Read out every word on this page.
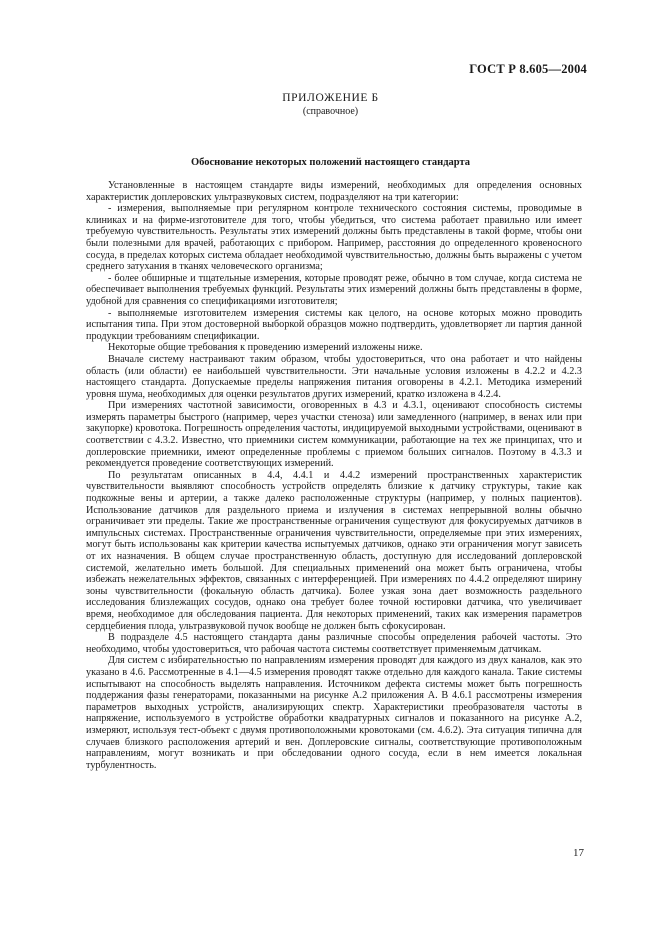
ГОСТ Р 8.605—2004
ПРИЛОЖЕНИЕ Б
(справочное)
Обоснование некоторых положений настоящего стандарта

Установленные в настоящем стандарте виды измерений, необходимых для определения основных характеристик доплеровских ультразвуковых систем, подразделяют на три категории:

- измерения, выполняемые при регулярном контроле технического состояния системы, проводимые в клиниках и на фирме-изготовителе для того, чтобы убедиться, что система работает правильно или имеет требуемую чувствительность. Результаты этих измерений должны быть представлены в такой форме, чтобы они были полезными для врачей, работающих с прибором. Например, расстояния до определенного кровеносного сосуда, в пределах которых система обладает необходимой чувствительностью, должны быть выражены с учетом среднего затухания в тканях человеческого организма;

- более обширные и тщательные измерения, которые проводят реже, обычно в том случае, когда система не обеспечивает выполнения требуемых функций. Результаты этих измерений должны быть представлены в форме, удобной для сравнения со спецификациями изготовителя;

- выполняемые изготовителем измерения системы как целого, на основе которых можно проводить испытания типа. При этом достоверной выборкой образцов можно подтвердить, удовлетворяет ли партия данной продукции требованиям спецификации.

Некоторые общие требования к проведению измерений изложены ниже.

Вначале систему настраивают таким образом, чтобы удостовериться, что она работает и что найдены область (или области) ее наибольшей чувствительности. Эти начальные условия изложены в 4.2.2 и 4.2.3 настоящего стандарта. Допускаемые пределы напряжения питания оговорены в 4.2.1. Методика измерений уровня шума, необходимых для оценки результатов других измерений, кратко изложена в 4.2.4.

При измерениях частотной зависимости, оговоренных в 4.3 и 4.3.1, оценивают способность системы измерять параметры быстрого (например, через участки стеноза) или замедленного (например, в венах или при закупорке) кровотока. Погрешность определения частоты, индицируемой выходными устройствами, оценивают в соответствии с 4.3.2. Известно, что приемники систем коммуникации, работающие на тех же принципах, что и доплеровские приемники, имеют определенные проблемы с приемом больших сигналов. Поэтому в 4.3.3 и рекомендуется проведение соответствующих измерений.

По результатам описанных в 4.4, 4.4.1 и 4.4.2 измерений пространственных характеристик чувствительности выявляют способность устройств определять близкие к датчику структуры, такие как подкожные вены и артерии, а также далеко расположенные структуры (например, у полных пациентов). Использование датчиков для раздельного приема и излучения в системах непрерывной волны обычно ограничивает эти пределы. Такие же пространственные ограничения существуют для фокусируемых датчиков в импульсных системах. Пространственные ограничения чувствительности, определяемые при этих измерениях, могут быть использованы как критерии качества испытуемых датчиков, однако эти ограничения могут зависеть от их назначения. В общем случае пространственную область, доступную для исследований доплеровской системой, желательно иметь большой. Для специальных применений она может быть ограничена, чтобы избежать нежелательных эффектов, связанных с интерференцией. При измерениях по 4.4.2 определяют ширину зоны чувствительности (фокальную область датчика). Более узкая зона дает возможность раздельного исследования близлежащих сосудов, однако она требует более точной юстировки датчика, что увеличивает время, необходимое для обследования пациента. Для некоторых применений, таких как измерения параметров сердцебиения плода, ультразвуковой пучок вообще не должен быть сфокусирован.

В подразделе 4.5 настоящего стандарта даны различные способы определения рабочей частоты. Это необходимо, чтобы удостовериться, что рабочая частота системы соответствует применяемым датчикам.

Для систем с избирательностью по направлениям измерения проводят для каждого из двух каналов, как это указано в 4.6. Рассмотренные в 4.1—4.5 измерения проводят также отдельно для каждого канала. Такие системы испытывают на способность выделять направления. Источником дефекта системы может быть погрешность поддержания фазы генераторами, показанными на рисунке А.2 приложения А. В 4.6.1 рассмотрены измерения параметров выходных устройств, анализирующих спектр. Характеристики преобразователя частоты в напряжение, используемого в устройстве обработки квадратурных сигналов и показанного на рисунке А.2, измеряют, используя тест-объект с двумя противоположными кровотоками (см. 4.6.2). Эта ситуация типична для случаев близкого расположения артерий и вен. Доплеровские сигналы, соответствующие противоположным направлениям, могут возникать и при обследовании одного сосуда, если в нем имеется локальная турбулентность.

17
